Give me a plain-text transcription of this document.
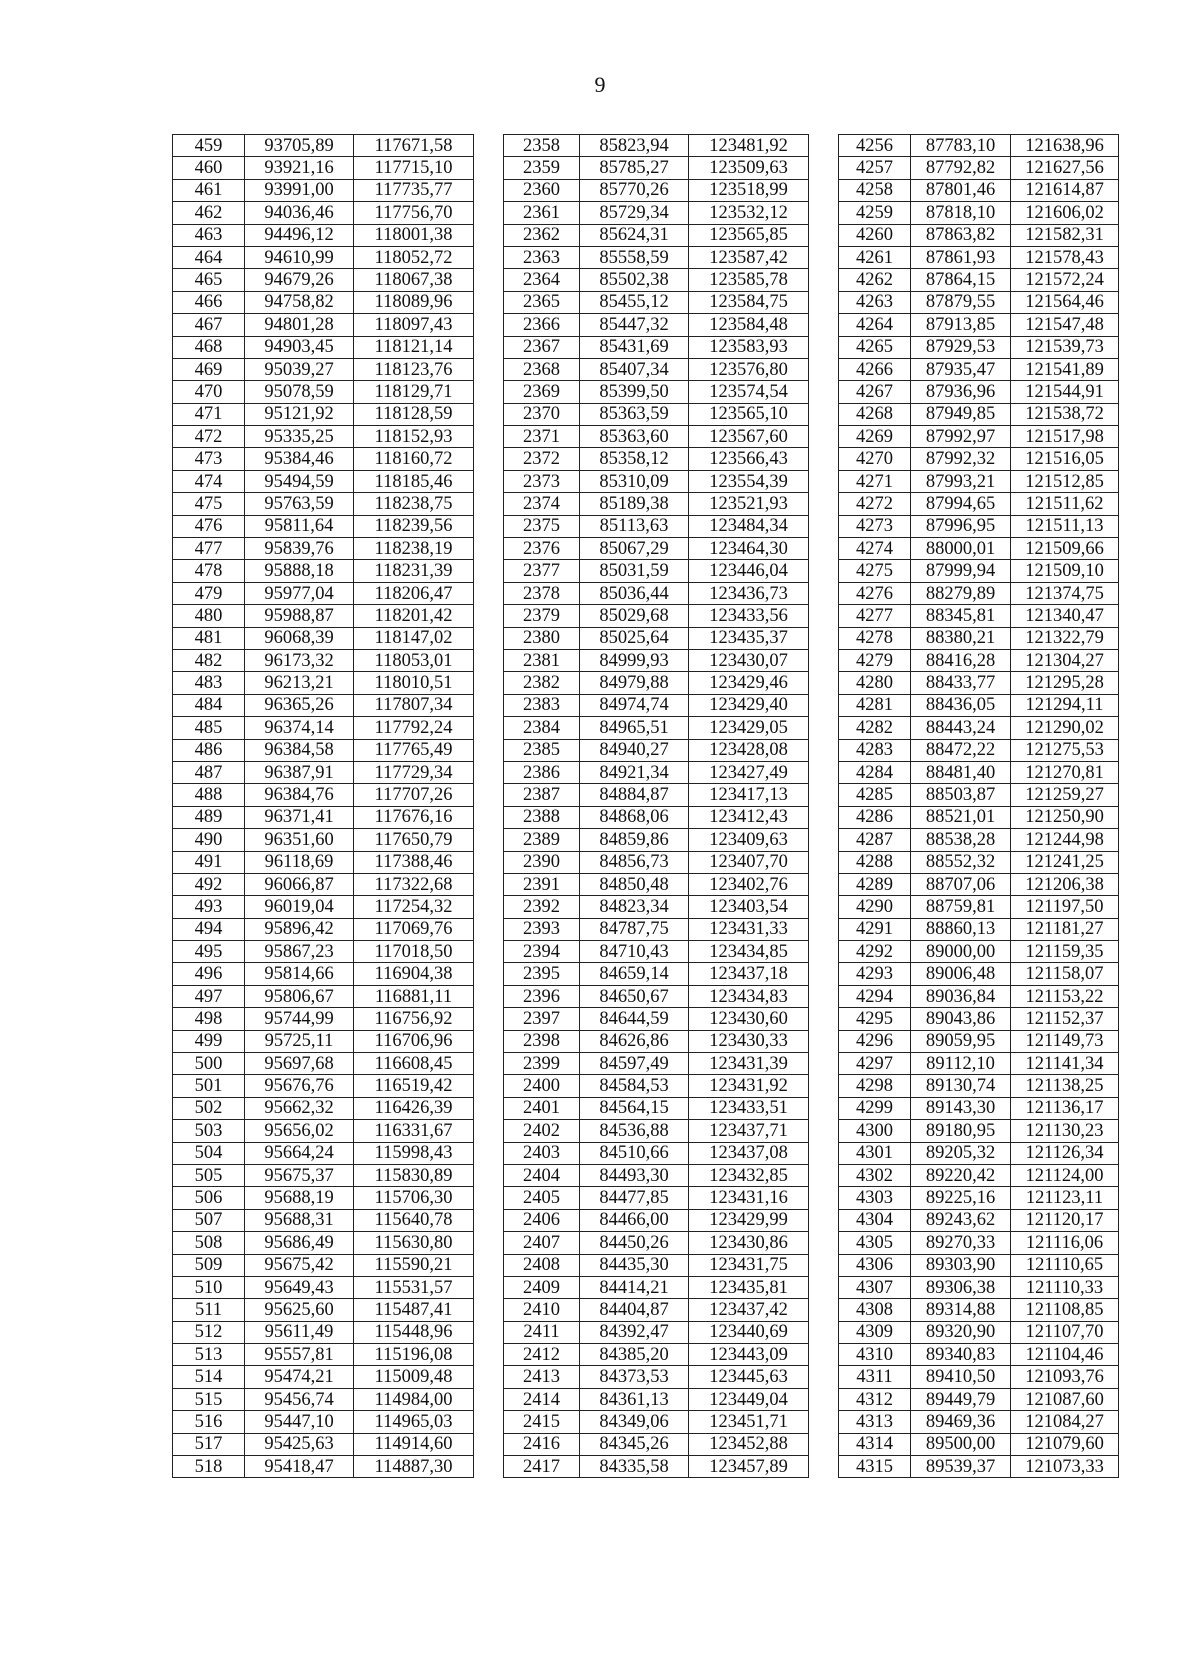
9
459	93705,89	117671,58		2358	85823,94	123481,92		4256	87783,10	121638,96
460	93921,16	117715,10		2359	85785,27	123509,63		4257	87792,82	121627,56
461	93991,00	117735,77		2360	85770,26	123518,99		4258	87801,46	121614,87
462	94036,46	117756,70		2361	85729,34	123532,12		4259	87818,10	121606,02
463	94496,12	118001,38		2362	85624,31	123565,85		4260	87863,82	121582,31
464	94610,99	118052,72		2363	85558,59	123587,42		4261	87861,93	121578,43
465	94679,26	118067,38		2364	85502,38	123585,78		4262	87864,15	121572,24
466	94758,82	118089,96		2365	85455,12	123584,75		4263	87879,55	121564,46
467	94801,28	118097,43		2366	85447,32	123584,48		4264	87913,85	121547,48
468	94903,45	118121,14		2367	85431,69	123583,93		4265	87929,53	121539,73
469	95039,27	118123,76		2368	85407,34	123576,80		4266	87935,47	121541,89
470	95078,59	118129,71		2369	85399,50	123574,54		4267	87936,96	121544,91
471	95121,92	118128,59		2370	85363,59	123565,10		4268	87949,85	121538,72
472	95335,25	118152,93		2371	85363,60	123567,60		4269	87992,97	121517,98
473	95384,46	118160,72		2372	85358,12	123566,43		4270	87992,32	121516,05
474	95494,59	118185,46		2373	85310,09	123554,39		4271	87993,21	121512,85
475	95763,59	118238,75		2374	85189,38	123521,93		4272	87994,65	121511,62
476	95811,64	118239,56		2375	85113,63	123484,34		4273	87996,95	121511,13
477	95839,76	118238,19		2376	85067,29	123464,30		4274	88000,01	121509,66
478	95888,18	118231,39		2377	85031,59	123446,04		4275	87999,94	121509,10
479	95977,04	118206,47		2378	85036,44	123436,73		4276	88279,89	121374,75
480	95988,87	118201,42		2379	85029,68	123433,56		4277	88345,81	121340,47
481	96068,39	118147,02		2380	85025,64	123435,37		4278	88380,21	121322,79
482	96173,32	118053,01		2381	84999,93	123430,07		4279	88416,28	121304,27
483	96213,21	118010,51		2382	84979,88	123429,46		4280	88433,77	121295,28
484	96365,26	117807,34		2383	84974,74	123429,40		4281	88436,05	121294,11
485	96374,14	117792,24		2384	84965,51	123429,05		4282	88443,24	121290,02
486	96384,58	117765,49		2385	84940,27	123428,08		4283	88472,22	121275,53
487	96387,91	117729,34		2386	84921,34	123427,49		4284	88481,40	121270,81
488	96384,76	117707,26		2387	84884,87	123417,13		4285	88503,87	121259,27
489	96371,41	117676,16		2388	84868,06	123412,43		4286	88521,01	121250,90
490	96351,60	117650,79		2389	84859,86	123409,63		4287	88538,28	121244,98
491	96118,69	117388,46		2390	84856,73	123407,70		4288	88552,32	121241,25
492	96066,87	117322,68		2391	84850,48	123402,76		4289	88707,06	121206,38
493	96019,04	117254,32		2392	84823,34	123403,54		4290	88759,81	121197,50
494	95896,42	117069,76		2393	84787,75	123431,33		4291	88860,13	121181,27
495	95867,23	117018,50		2394	84710,43	123434,85		4292	89000,00	121159,35
496	95814,66	116904,38		2395	84659,14	123437,18		4293	89006,48	121158,07
497	95806,67	116881,11		2396	84650,67	123434,83		4294	89036,84	121153,22
498	95744,99	116756,92		2397	84644,59	123430,60		4295	89043,86	121152,37
499	95725,11	116706,96		2398	84626,86	123430,33		4296	89059,95	121149,73
500	95697,68	116608,45		2399	84597,49	123431,39		4297	89112,10	121141,34
501	95676,76	116519,42		2400	84584,53	123431,92		4298	89130,74	121138,25
502	95662,32	116426,39		2401	84564,15	123433,51		4299	89143,30	121136,17
503	95656,02	116331,67		2402	84536,88	123437,71		4300	89180,95	121130,23
504	95664,24	115998,43		2403	84510,66	123437,08		4301	89205,32	121126,34
505	95675,37	115830,89		2404	84493,30	123432,85		4302	89220,42	121124,00
506	95688,19	115706,30		2405	84477,85	123431,16		4303	89225,16	121123,11
507	95688,31	115640,78		2406	84466,00	123429,99		4304	89243,62	121120,17
508	95686,49	115630,80		2407	84450,26	123430,86		4305	89270,33	121116,06
509	95675,42	115590,21		2408	84435,30	123431,75		4306	89303,90	121110,65
510	95649,43	115531,57		2409	84414,21	123435,81		4307	89306,38	121110,33
511	95625,60	115487,41		2410	84404,87	123437,42		4308	89314,88	121108,85
512	95611,49	115448,96		2411	84392,47	123440,69		4309	89320,90	121107,70
513	95557,81	115196,08		2412	84385,20	123443,09		4310	89340,83	121104,46
514	95474,21	115009,48		2413	84373,53	123445,63		4311	89410,50	121093,76
515	95456,74	114984,00		2414	84361,13	123449,04		4312	89449,79	121087,60
516	95447,10	114965,03		2415	84349,06	123451,71		4313	89469,36	121084,27
517	95425,63	114914,60		2416	84345,26	123452,88		4314	89500,00	121079,60
518	95418,47	114887,30		2417	84335,58	123457,89		4315	89539,37	121073,33
